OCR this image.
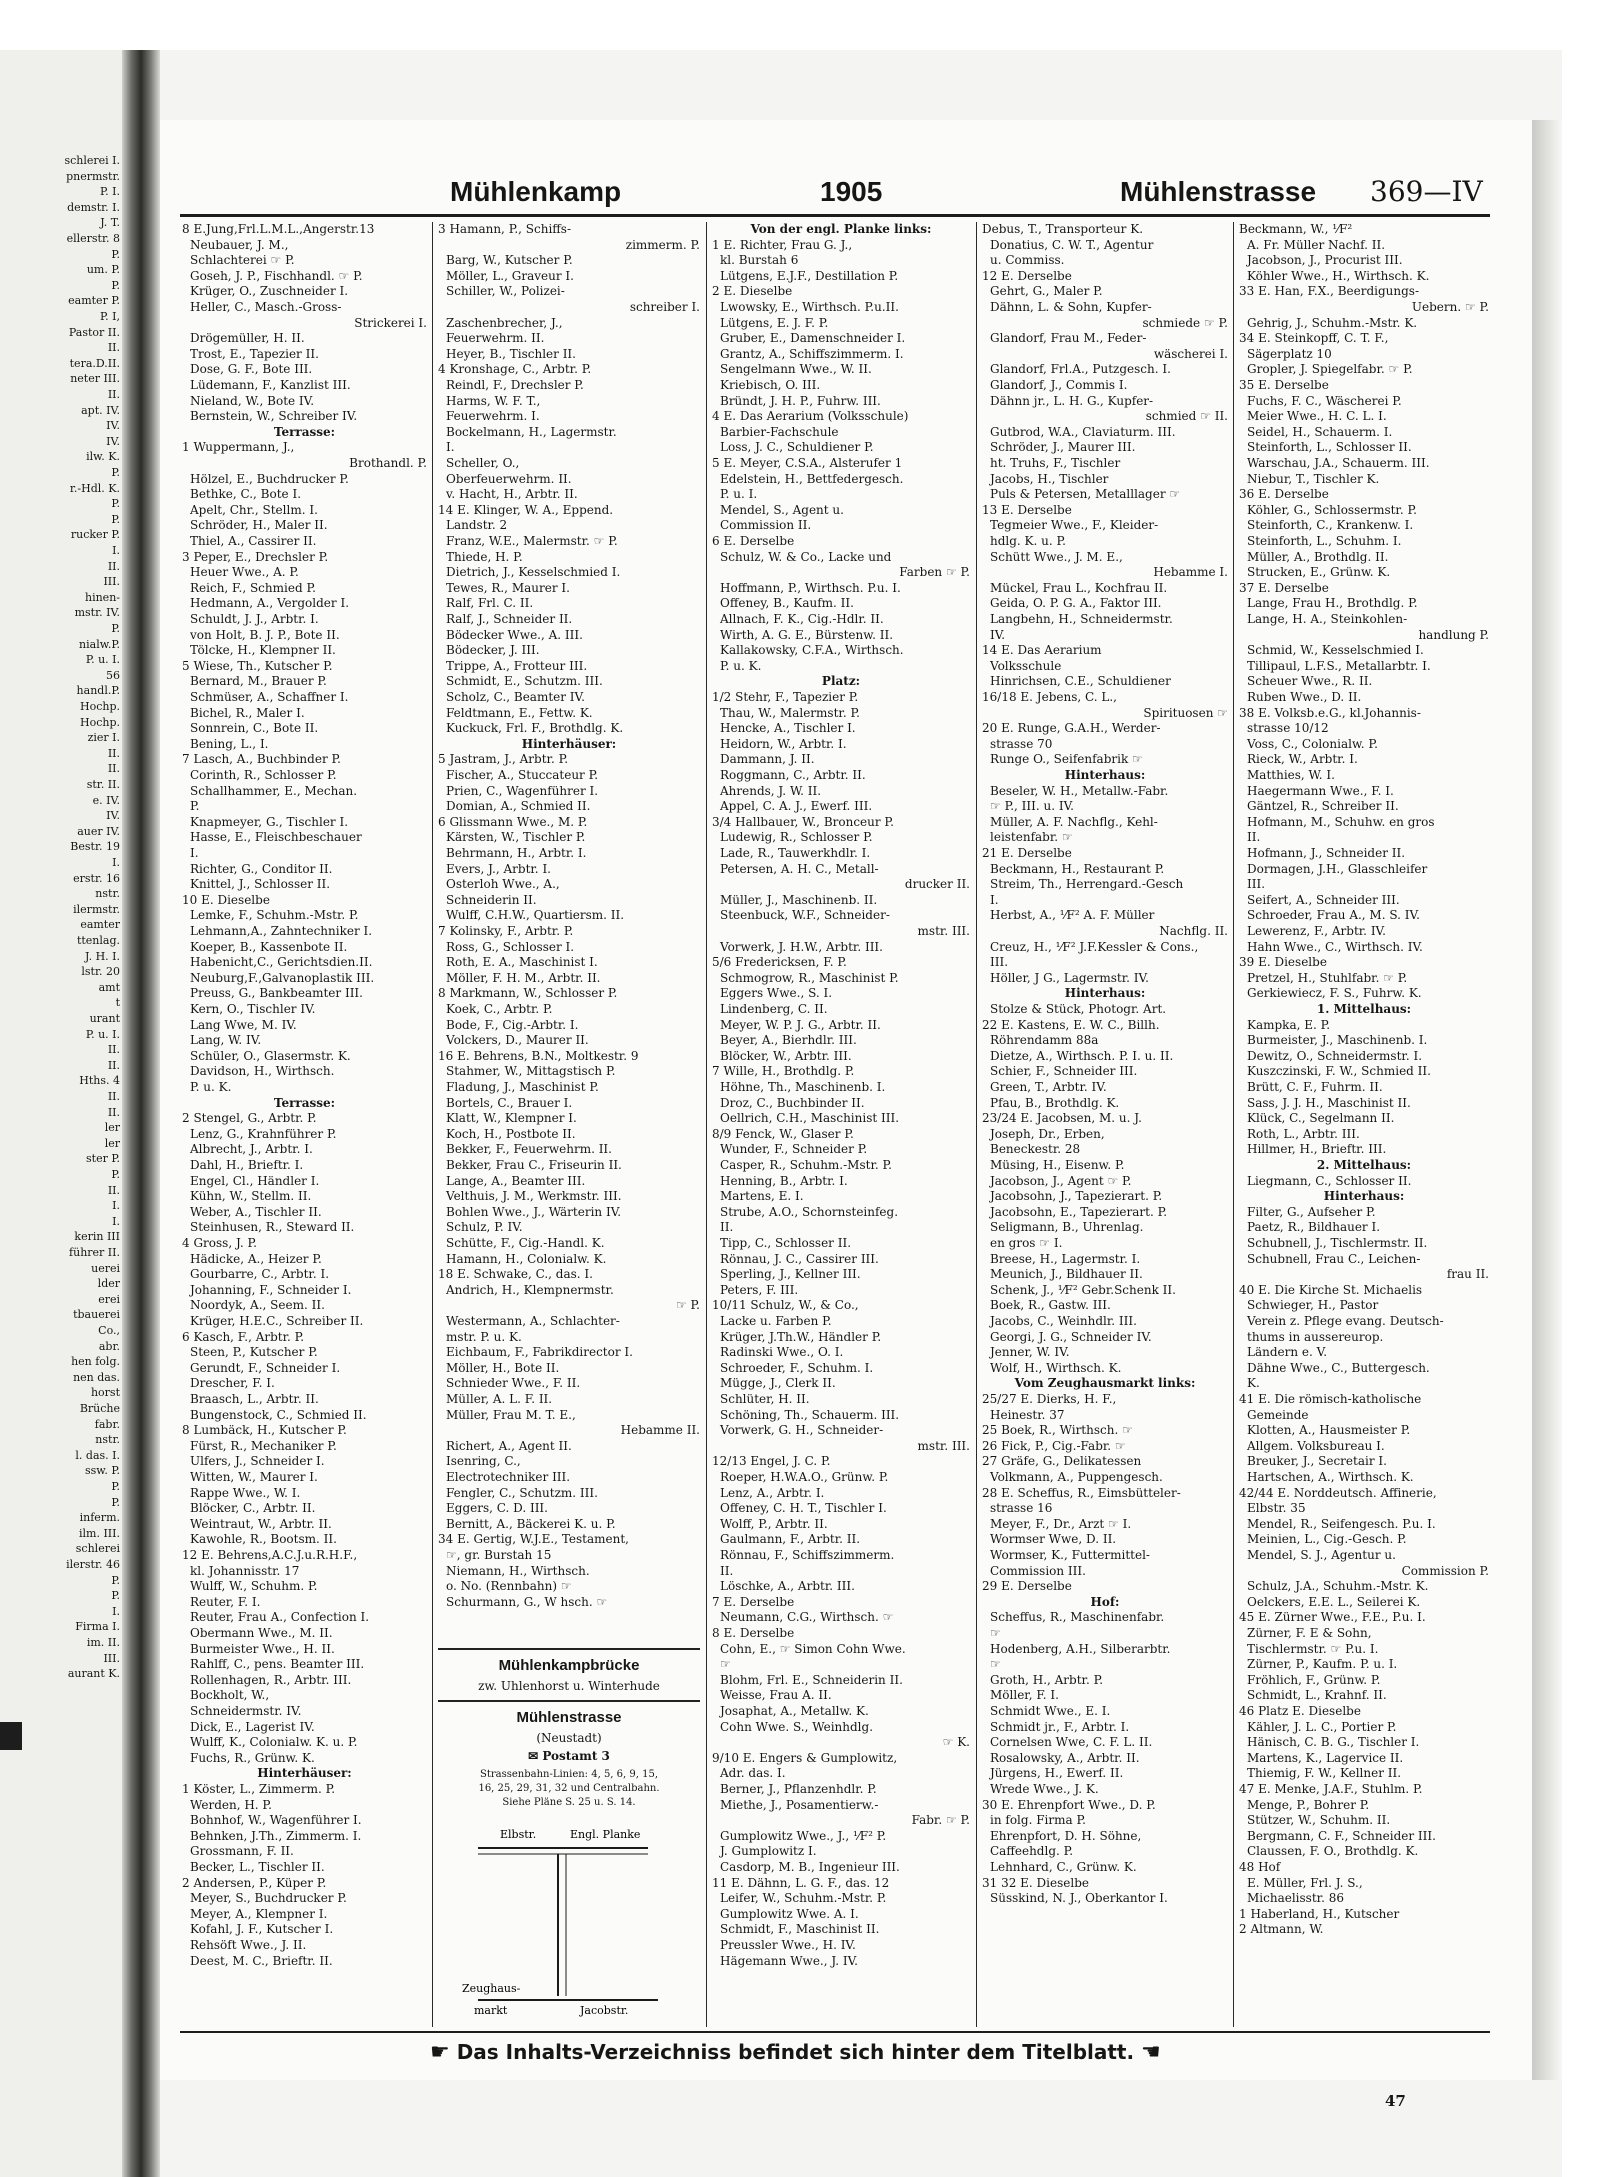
schlerei I.
pnermstr.
P. I.
demstr. I.
J. T.
ellerstr. 8
P.
um. P.
P.
eamter P.
P. I,
Pastor II.
II.
tera.D.II.
neter III.
II.
apt. IV.
IV.
IV.
ilw. K.
P.
r.-Hdl. K.
P.
P.
rucker P.
I.
II.
III.
hinen-
mstr. IV.
P.
nialw.P.
P. u. I.
56
handl.P.
Hochp.
Hochp.
zier I.
II.
II.
str. II.
e. IV.
IV.
auer IV.
Bestr. 19
I.
erstr. 16
nstr.
ilermstr.
eamter
ttenlag.
J. H. I.
lstr. 20
amt
t
urant
P. u. I.
II.
II.
Hths. 4
II.
II.
ler
ler
ster P.
P.
II.
I.
I.
kerin III
führer II.
uerei
lder
erei
tbauerei
Co.,
abr.
hen folg.
nen das.
horst
Brüche
fabr.
nstr.
l. das. I.
ssw. P.
P.
P.
inferm.
ilm. III.
schlerei
ilerstr. 46
P.
P.
I.
Firma I.
im. II.
III.
aurant K.
Mühlenkamp	1905	Mühlenstrasse	369—IV
8 E.Jung,Frl.L.M.L.,Angerstr.13
Neubauer, J. M.,
Schlachterei ☞ P.
Goseh, J. P., Fischhandl. ☞ P.
Krüger, O., Zuschneider I.
Heller, C., Masch.-Gross-
Strickerei I.
Drögemüller, H. II.
Trost, E., Tapezier II.
Dose, G. F., Bote III.
Lüdemann, F., Kanzlist III.
Nieland, W., Bote IV.
Bernstein, W., Schreiber IV.
Terrasse:
1 Wuppermann, J.,
Brothandl. P.
Hölzel, E., Buchdrucker P.
Bethke, C., Bote I.
Apelt, Chr., Stellm. I.
Schröder, H., Maler II.
Thiel, A., Cassirer II.
3 Peper, E., Drechsler P.
Heuer Wwe., A. P.
Reich, F., Schmied P.
Hedmann, A., Vergolder I.
Schuldt, J. J., Arbtr. I.
von Holt, B. J. P., Bote II.
Tölcke, H., Klempner II.
5 Wiese, Th., Kutscher P.
Bernard, M., Brauer P.
Schmüser, A., Schaffner I.
Bichel, R., Maler I.
Sonnrein, C., Bote II.
Bening, L., I.
7 Lasch, A., Buchbinder P.
Corinth, R., Schlosser P.
Schallhammer, E., Mechan.
P.
Knapmeyer, G., Tischler I.
Hasse, E., Fleischbeschauer
I.
Richter, G., Conditor II.
Knittel, J., Schlosser II.
10 E. Dieselbe
Lemke, F., Schuhm.-Mstr. P.
Lehmann,A., Zahntechniker I.
Koeper, B., Kassenbote II.
Habenicht,C., Gerichtsdien.II.
Neuburg,F.,Galvanoplastik III.
Preuss, G., Bankbeamter III.
Kern, O., Tischler IV.
Lang Wwe, M. IV.
Lang, W. IV.
Schüler, O., Glasermstr. K.
Davidson, H., Wirthsch.
P. u. K.
Terrasse:
2 Stengel, G., Arbtr. P.
Lenz, G., Krahnführer P.
Albrecht, J., Arbtr. I.
Dahl, H., Brieftr. I.
Engel, Cl., Händler I.
Kühn, W., Stellm. II.
Weber, A., Tischler II.
Steinhusen, R., Steward II.
4 Gross, J. P.
Hädicke, A., Heizer P.
Gourbarre, C., Arbtr. I.
Johanning, F., Schneider I.
Noordyk, A., Seem. II.
Krüger, H.E.C., Schreiber II.
6 Kasch, F., Arbtr. P.
Steen, P., Kutscher P.
Gerundt, F., Schneider I.
Drescher, F. I.
Braasch, L., Arbtr. II.
Bungenstock, C., Schmied II.
8 Lumbäck, H., Kutscher P.
Fürst, R., Mechaniker P.
Ulfers, J., Schneider I.
Witten, W., Maurer I.
Rappe Wwe., W. I.
Blöcker, C., Arbtr. II.
Weintraut, W., Arbtr. II.
Kawohle, R., Bootsm. II.
12 E. Behrens,A.C.J.u.R.H.F.,
kl. Johannisstr. 17
Wulff, W., Schuhm. P.
Reuter, F. I.
Reuter, Frau A., Confection I.
Obermann Wwe., M. II.
Burmeister Wwe., H. II.
Rahlff, C., pens. Beamter III.
Rollenhagen, R., Arbtr. III.
Bockholt, W.,
Schneidermstr. IV.
Dick, E., Lagerist IV.
Wulff, K., Colonialw. K. u. P.
Fuchs, R., Grünw. K.
Hinterhäuser:
1 Köster, L., Zimmerm. P.
Werden, H. P.
Bohnhof, W., Wagenführer I.
Behnken, J.Th., Zimmerm. I.
Grossmann, F. II.
Becker, L., Tischler II.
2 Andersen, P., Küper P.
Meyer, S., Buchdrucker P.
Meyer, A., Klempner I.
Kofahl, J. F., Kutscher I.
Rehsöft Wwe., J. II.
Deest, M. C., Brieftr. II.
3 Hamann, P., Schiffs-
zimmerm. P.
Barg, W., Kutscher P.
Möller, L., Graveur I.
Schiller, W., Polizei-
schreiber I.
Zaschenbrecher, J.,
Feuerwehrm. II.
Heyer, B., Tischler II.
4 Kronshage, C., Arbtr. P.
Reindl, F., Drechsler P.
Harms, W. F. T.,
Feuerwehrm. I.
Bockelmann, H., Lagermstr.
I.
Scheller, O.,
Oberfeuerwehrm. II.
v. Hacht, H., Arbtr. II.
14 E. Klinger, W. A., Eppend.
Landstr. 2
Franz, W.E., Malermstr. ☞ P.
Thiede, H. P.
Dietrich, J., Kesselschmied I.
Tewes, R., Maurer I.
Ralf, Frl. C. II.
Ralf, J., Schneider II.
Bödecker Wwe., A. III.
Bödecker, J. III.
Trippe, A., Frotteur III.
Schmidt, E., Schutzm. III.
Scholz, C., Beamter IV.
Feldtmann, E., Fettw. K.
Kuckuck, Frl. F., Brothdlg. K.
Hinterhäuser:
5 Jastram, J., Arbtr. P.
Fischer, A., Stuccateur P.
Prien, C., Wagenführer I.
Domian, A., Schmied II.
6 Glissmann Wwe., M. P.
Kärsten, W., Tischler P.
Behrmann, H., Arbtr. I.
Evers, J., Arbtr. I.
Osterloh Wwe., A.,
Schneiderin II.
Wulff, C.H.W., Quartiersm. II.
7 Kolinsky, F., Arbtr. P.
Ross, G., Schlosser I.
Roth, E. A., Maschinist I.
Möller, F. H. M., Arbtr. II.
8 Markmann, W., Schlosser P.
Koek, C., Arbtr. P.
Bode, F., Cig.-Arbtr. I.
Volckers, D., Maurer II.
16 E. Behrens, B.N., Moltkestr. 9
Stahmer, W., Mittagstisch P.
Fladung, J., Maschinist P.
Bortels, C., Brauer I.
Klatt, W., Klempner I.
Koch, H., Postbote II.
Bekker, F., Feuerwehrm. II.
Bekker, Frau C., Friseurin II.
Lange, A., Beamter III.
Velthuis, J. M., Werkmstr. III.
Bohlen Wwe., J., Wärterin IV.
Schulz, P. IV.
Schütte, F., Cig.-Handl. K.
Hamann, H., Colonialw. K.
18 E. Schwake, C., das. I.
Andrich, H., Klempnermstr.
☞ P.
Westermann, A., Schlachter-
mstr. P. u. K.
Eichbaum, F., Fabrikdirector I.
Möller, H., Bote II.
Schnieder Wwe., F. II.
Müller, A. L. F. II.
Müller, Frau M. T. E.,
Hebamme II.
Richert, A., Agent II.
Isenring, C.,
Electrotechniker III.
Fengler, C., Schutzm. III.
Eggers, C. D. III.
Bernitt, A., Bäckerei K. u. P.
34 E. Gertig, W.J.E., Testament,
☞, gr. Burstah 15
Niemann, H., Wirthsch.
o. No. (Rennbahn) ☞
Schurmann, G., W hsch. ☞
Von der engl. Planke links:
1 E. Richter, Frau G. J.,
kl. Burstah 6
Lütgens, E.J.F., Destillation P.
2 E. Dieselbe
Lwowsky, E., Wirthsch. P.u.II.
Lütgens, E. J. F. P.
Gruber, E., Damenschneider I.
Grantz, A., Schiffszimmerm. I.
Sengelmann Wwe., W. II.
Kriebisch, O. III.
Bründt, J. H. P., Fuhrw. III.
4 E. Das Aerarium (Volksschule)
Barbier-Fachschule
Loss, J. C., Schuldiener P.
5 E. Meyer, C.S.A., Alsterufer 1
Edelstein, H., Bettfedergesch.
P. u. I.
Mendel, S., Agent u.
Commission II.
6 E. Derselbe
Schulz, W. & Co., Lacke und
Farben ☞ P.
Hoffmann, P., Wirthsch. P.u. I.
Offeney, B., Kaufm. II.
Allnach, F. K., Cig.-Hdlr. II.
Wirth, A. G. E., Bürstenw. II.
Kallakowsky, C.F.A., Wirthsch.
P. u. K.
Platz:
1/2 Stehr, F., Tapezier P.
Thau, W., Malermstr. P.
Hencke, A., Tischler I.
Heidorn, W., Arbtr. I.
Dammann, J. II.
Roggmann, C., Arbtr. II.
Ahrends, J. W. II.
Appel, C. A. J., Ewerf. III.
3/4 Hallbauer, W., Bronceur P.
Ludewig, R., Schlosser P.
Lade, R., Tauwerkhdlr. I.
Petersen, A. H. C., Metall-
drucker II.
Müller, J., Maschinenb. II.
Steenbuck, W.F., Schneider-
mstr. III.
Vorwerk, J. H.W., Arbtr. III.
5/6 Fredericksen, F. P.
Schmogrow, R., Maschinist P.
Eggers Wwe., S. I.
Lindenberg, C. II.
Meyer, W. P. J. G., Arbtr. II.
Beyer, A., Bierhdlr. III.
Blöcker, W., Arbtr. III.
7 Wille, H., Brothdlg. P.
Höhne, Th., Maschinenb. I.
Droz, C., Buchbinder II.
Oellrich, C.H., Maschinist III.
8/9 Fenck, W., Glaser P.
Wunder, F., Schneider P.
Casper, R., Schuhm.-Mstr. P.
Henning, B., Arbtr. I.
Martens, E. I.
Strube, A.O., Schornsteinfeg.
II.
Tipp, C., Schlosser II.
Rönnau, J. C., Cassirer III.
Sperling, J., Kellner III.
Peters, F. III.
10/11 Schulz, W., & Co.,
Lacke u. Farben P.
Krüger, J.Th.W., Händler P.
Radinski Wwe., O. I.
Schroeder, F., Schuhm. I.
Mügge, J., Clerk II.
Schlüter, H. II.
Schöning, Th., Schauerm. III.
Vorwerk, G. H., Schneider-
mstr. III.
12/13 Engel, J. C. P.
Roeper, H.W.A.O., Grünw. P.
Lenz, A., Arbtr. I.
Offeney, C. H. T., Tischler I.
Wolff, P., Arbtr. II.
Gaulmann, F., Arbtr. II.
Rönnau, F., Schiffszimmerm.
II.
Löschke, A., Arbtr. III.
7 E. Derselbe
Neumann, C.G., Wirthsch. ☞
8 E. Derselbe
Cohn, E., ☞ Simon Cohn Wwe.
☞
Blohm, Frl. E., Schneiderin II.
Weisse, Frau A. II.
Josaphat, A., Metallw. K.
Cohn Wwe. S., Weinhdlg.
☞ K.
9/10 E. Engers & Gumplowitz,
Adr. das. I.
Berner, J., Pflanzenhdlr. P.
Miethe, J., Posamentierw.-
Fabr. ☞ P.
Gumplowitz Wwe., J., ⅟F² P.
J. Gumplowitz I.
Casdorp, M. B., Ingenieur III.
11 E. Dähnn, L. G. F., das. 12
Leifer, W., Schuhm.-Mstr. P.
Gumplowitz Wwe. A. I.
Schmidt, F., Maschinist II.
Preussler Wwe., H. IV.
Hägemann Wwe., J. IV.
Debus, T., Transporteur K.
Donatius, C. W. T., Agentur
u. Commiss.
12 E. Derselbe
Gehrt, G., Maler P.
Dähnn, L. & Sohn, Kupfer-
schmiede ☞ P.
Glandorf, Frau M., Feder-
wäscherei I.
Glandorf, Frl.A., Putzgesch. I.
Glandorf, J., Commis I.
Dähnn jr., L. H. G., Kupfer-
schmied ☞ II.
Gutbrod, W.A., Claviaturm. III.
Schröder, J., Maurer III.
ht. Truhs, F., Tischler
Jacobs, H., Tischler
Puls & Petersen, Metalllager ☞
13 E. Derselbe
Tegmeier Wwe., F., Kleider-
hdlg. K. u. P.
Schütt Wwe., J. M. E.,
Hebamme I.
Mückel, Frau L., Kochfrau II.
Geida, O. P. G. A., Faktor III.
Langbehn, H., Schneidermstr.
IV.
14 E. Das Aerarium
Volksschule
Hinrichsen, C.E., Schuldiener
16/18 E. Jebens, C. L.,
Spirituosen ☞
20 E. Runge, G.A.H., Werder-
strasse 70
Runge O., Seifenfabrik ☞
Hinterhaus:
Beseler, W. H., Metallw.-Fabr.
☞ P., III. u. IV.
Müller, A. F. Nachflg., Kehl-
leistenfabr. ☞
21 E. Derselbe
Beckmann, H., Restaurant P.
Streim, Th., Herrengard.-Gesch
I.
Herbst, A., ⅟F² A. F. Müller
Nachflg. II.
Creuz, H., ⅟F² J.F.Kessler & Cons.,
III.
Höller, J G., Lagermstr. IV.
Hinterhaus:
Stolze & Stück, Photogr. Art.
22 E. Kastens, E. W. C., Billh.
Röhrendamm 88a
Dietze, A., Wirthsch. P. I. u. II.
Schier, F., Schneider III.
Green, T., Arbtr. IV.
Pfau, B., Brothdlg. K.
23/24 E. Jacobsen, M. u. J.
Joseph, Dr., Erben,
Beneckestr. 28
Müsing, H., Eisenw. P.
Jacobson, J., Agent ☞ P.
Jacobsohn, J., Tapezierart. P.
Jacobsohn, E., Tapezierart. P.
Seligmann, B., Uhrenlag.
en gros ☞ I.
Breese, H., Lagermstr. I.
Meunich, J., Bildhauer II.
Schenk, J., ⅟F² Gebr.Schenk II.
Boek, R., Gastw. III.
Jacobs, C., Weinhdlr. III.
Georgi, J. G., Schneider IV.
Jenner, W. IV.
Wolf, H., Wirthsch. K.
Vom Zeughausmarkt links:
25/27 E. Dierks, H. F.,
Heinestr. 37
25 Boek, R., Wirthsch. ☞
26 Fick, P., Cig.-Fabr. ☞
27 Gräfe, G., Delikatessen
Volkmann, A., Puppengesch.
28 E. Scheffus, R., Eimsbütteler-
strasse 16
Meyer, F., Dr., Arzt ☞ I.
Wormser Wwe, D. II.
Wormser, K., Futtermittel-
Commission III.
29 E. Derselbe
Hof:
Scheffus, R., Maschinenfabr.
☞
Hodenberg, A.H., Silberarbtr.
☞
Groth, H., Arbtr. P.
Möller, F. I.
Schmidt Wwe., E. I.
Schmidt jr., F., Arbtr. I.
Cornelsen Wwe, C. F. L. II.
Rosalowsky, A., Arbtr. II.
Jürgens, H., Ewerf. II.
Wrede Wwe., J. K.
30 E. Ehrenpfort Wwe., D. P.
in folg. Firma P.
Ehrenpfort, D. H. Söhne,
Caffeehdlg. P.
Lehnhard, C., Grünw. K.
31 32 E. Dieselbe
Süsskind, N. J., Oberkantor I.
Beckmann, W., ⅟F²
A. Fr. Müller Nachf. II.
Jacobson, J., Procurist III.
Köhler Wwe., H., Wirthsch. K.
33 E. Han, F.X., Beerdigungs-
Uebern. ☞ P.
Gehrig, J., Schuhm.-Mstr. K.
34 E. Steinkopff, C. T. F.,
Sägerplatz 10
Gropler, J. Spiegelfabr. ☞ P.
35 E. Derselbe
Fuchs, F. C., Wäscherei P.
Meier Wwe., H. C. L. I.
Seidel, H., Schauerm. I.
Steinforth, L., Schlosser II.
Warschau, J.A., Schauerm. III.
Niebur, T., Tischler K.
36 E. Derselbe
Köhler, G., Schlossermstr. P.
Steinforth, C., Krankenw. I.
Steinforth, L., Schuhm. I.
Müller, A., Brothdlg. II.
Strucken, E., Grünw. K.
37 E. Derselbe
Lange, Frau H., Brothdlg. P.
Lange, H. A., Steinkohlen-
handlung P.
Schmid, W., Kesselschmied I.
Tillipaul, L.F.S., Metallarbtr. I.
Scheuer Wwe., R. II.
Ruben Wwe., D. II.
38 E. Volksb.e.G., kl.Johannis-
strasse 10/12
Voss, C., Colonialw. P.
Rieck, W., Arbtr. I.
Matthies, W. I.
Haegermann Wwe., F. I.
Gäntzel, R., Schreiber II.
Hofmann, M., Schuhw. en gros
II.
Hofmann, J., Schneider II.
Dormagen, J.H., Glasschleifer
III.
Seifert, A., Schneider III.
Schroeder, Frau A., M. S. IV.
Lewerenz, F., Arbtr. IV.
Hahn Wwe., C., Wirthsch. IV.
39 E. Dieselbe
Pretzel, H., Stuhlfabr. ☞ P.
Gerkiewiecz, F. S., Fuhrw. K.
1. Mittelhaus:
Kampka, E. P.
Burmeister, J., Maschinenb. I.
Dewitz, O., Schneidermstr. I.
Kuszczinski, F. W., Schmied II.
Brütt, C. F., Fuhrm. II.
Sass, J. J. H., Maschinist II.
Klück, C., Segelmann II.
Roth, L., Arbtr. III.
Hillmer, H., Brieftr. III.
2. Mittelhaus:
Liegmann, C., Schlosser II.
Hinterhaus:
Filter, G., Aufseher P.
Paetz, R., Bildhauer I.
Schubnell, J., Tischlermstr. II.
Schubnell, Frau C., Leichen-
frau II.
40 E. Die Kirche St. Michaelis
Schwieger, H., Pastor
Verein z. Pflege evang. Deutsch-
thums in aussereurop.
Ländern e. V.
Dähne Wwe., C., Buttergesch.
K.
41 E. Die römisch-katholische
Gemeinde
Klotten, A., Hausmeister P.
Allgem. Volksbureau I.
Breuker, J., Secretair I.
Hartschen, A., Wirthsch. K.
42/44 E. Norddeutsch. Affinerie,
Elbstr. 35
Mendel, R., Seifengesch. P.u. I.
Meinien, L., Cig.-Gesch. P.
Mendel, S. J., Agentur u.
Commission P.
Schulz, J.A., Schuhm.-Mstr. K.
Oelckers, E.E. L., Seilerei K.
45 E. Zürner Wwe., F.E., P.u. I.
Zürner, F. E & Sohn,
Tischlermstr. ☞ P.u. I.
Zürner, P., Kaufm. P. u. I.
Fröhlich, F., Grünw. P.
Schmidt, L., Krahnf. II.
46 Platz E. Dieselbe
Kähler, J. L. C., Portier P.
Hänisch, C. B. G., Tischler I.
Martens, K., Lagervice II.
Thiemig, F. W., Kellner II.
47 E. Menke, J.A.F., Stuhlm. P.
Menge, P., Bohrer P.
Stützer, W., Schuhm. II.
Bergmann, C. F., Schneider III.
Claussen, F. O., Brothdlg. K.
48 Hof
E. Müller, Frl. J. S.,
Michaelisstr. 86
1 Haberland, H., Kutscher
2 Altmann, W.
Mühlenkampbrücke
zw. Uhlenhorst u. Winterhude
Mühlenstrasse
(Neustadt)
✉ Postamt 3
Strassenbahn-Linien: 4, 5, 6, 9, 15,
16, 25, 29, 31, 32 und Centralbahn.
Siehe Pläne S. 25 u. S. 14.
Elbstr.	Engl. Planke
Zeughaus-
markt	Jacobstr.
☛ Das Inhalts-Verzeichniss befindet sich hinter dem Titelblatt. ☚
47
